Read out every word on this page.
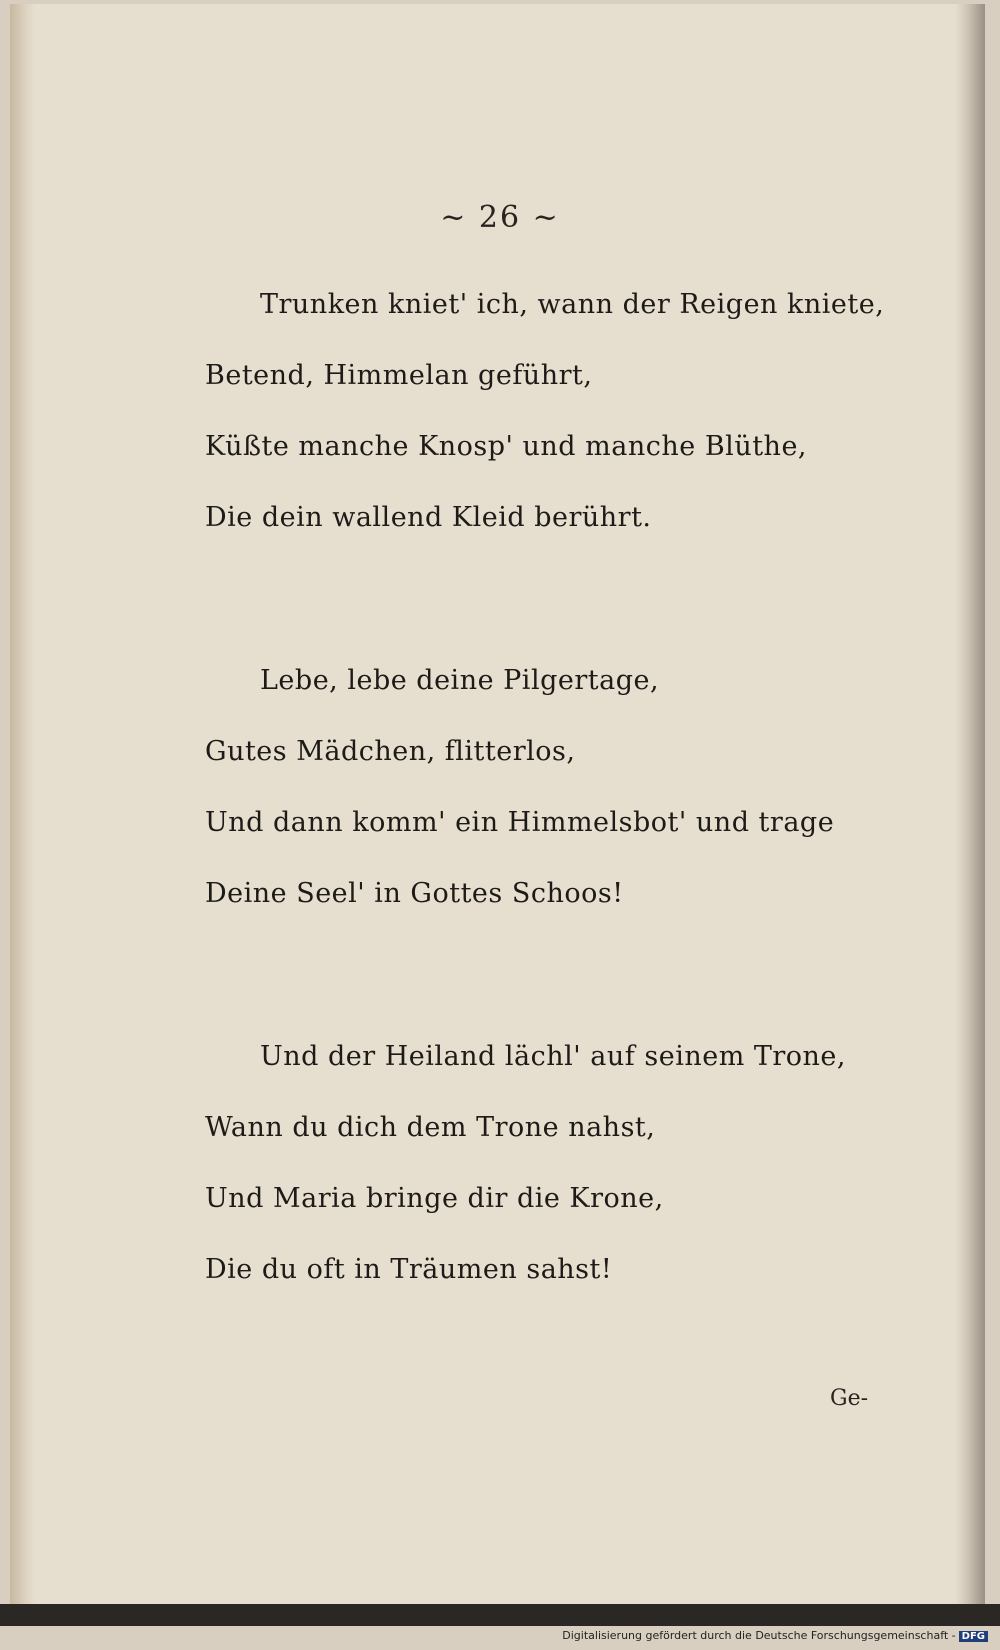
~ 26 ~
Trunken kniet' ich, wann der Reigen kniete,
Betend, Himmelan geführt,
Küßte manche Knosp' und manche Blüthe,
Die dein wallend Kleid berührt.
Lebe, lebe deine Pilgertage,
Gutes Mädchen, flitterlos,
Und dann komm' ein Himmelsbot' und trage
Deine Seel' in Gottes Schoos!
Und der Heiland lächl' auf seinem Trone,
Wann du dich dem Trone nahst,
Und Maria bringe dir die Krone,
Die du oft in Träumen sahst!
Ge-
Digitalisierung gefördert durch die Deutsche Forschungsgemeinschaft - DFG
